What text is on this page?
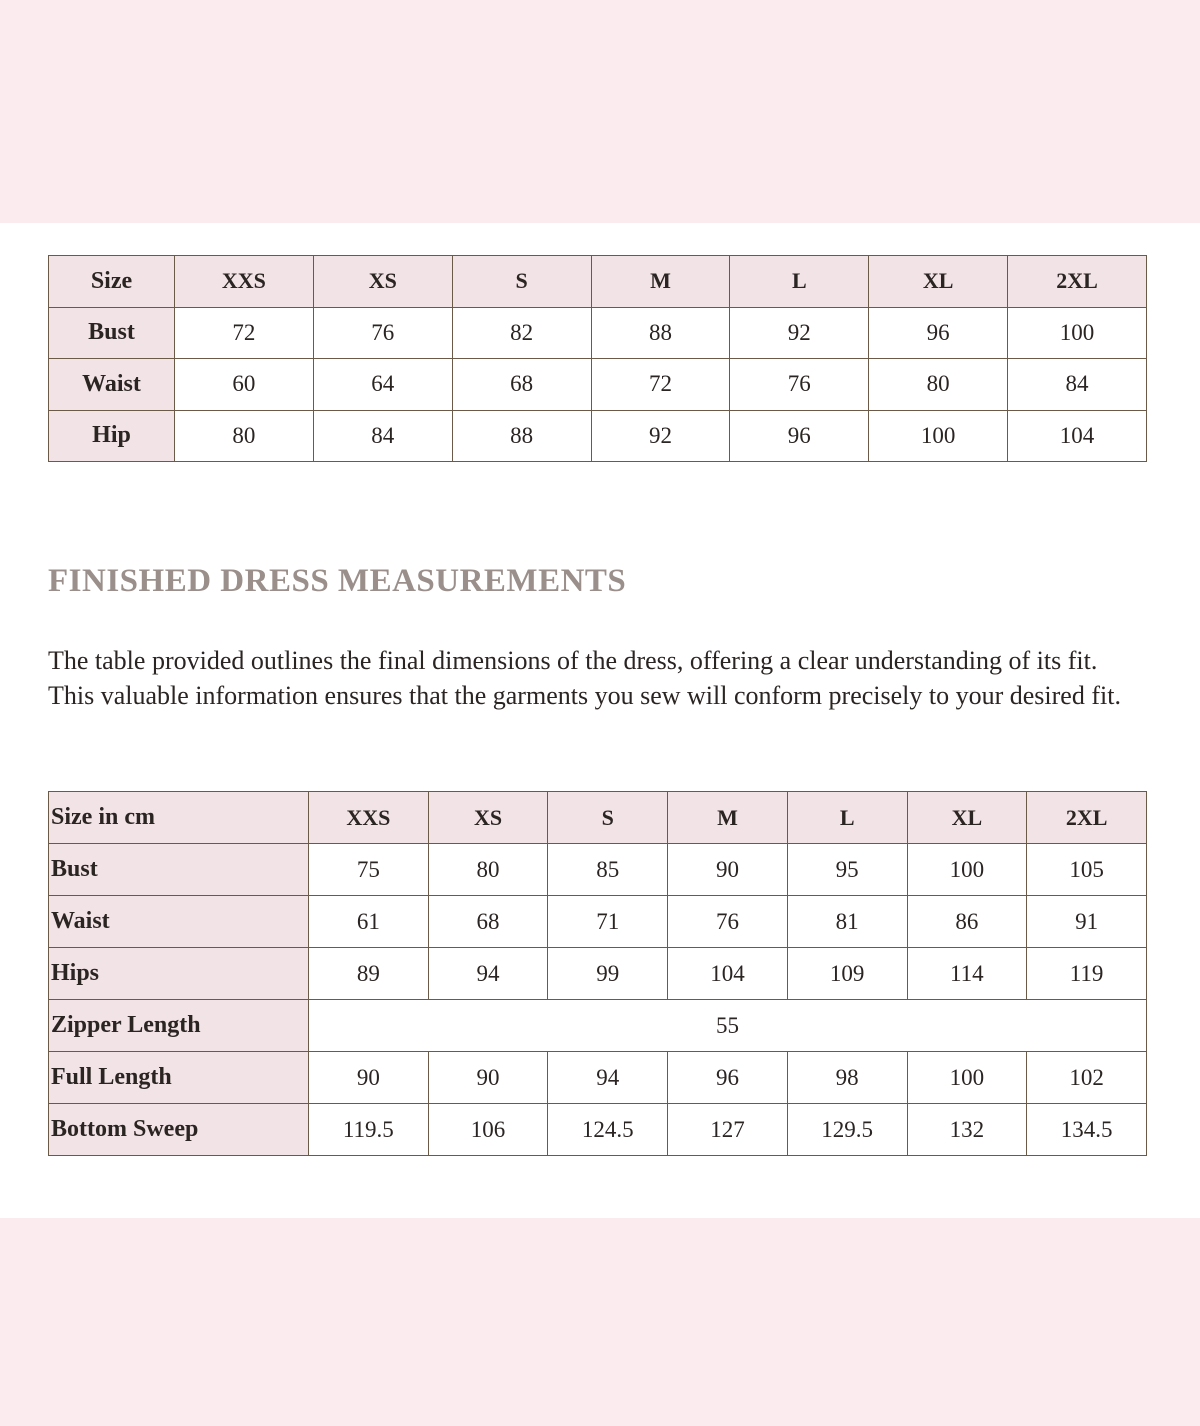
Size	XXS	XS	S	M	L	XL	2XL
Bust	72	76	82	88	92	96	100
Waist	60	64	68	72	76	80	84
Hip	80	84	88	92	96	100	104
FINISHED DRESS MEASUREMENTS

The table provided outlines the final dimensions of the dress, offering a clear understanding of its fit. This valuable information ensures that the garments you sew will conform precisely to your desired fit.

Size in cm	XXS	XS	S	M	L	XL	2XL
Bust	75	80	85	90	95	100	105
Waist	61	68	71	76	81	86	91
Hips	89	94	99	104	109	114	119
Zipper Length	55						
Full Length	90	90	94	96	98	100	102
Bottom Sweep	119.5	106	124.5	127	129.5	132	134.5
